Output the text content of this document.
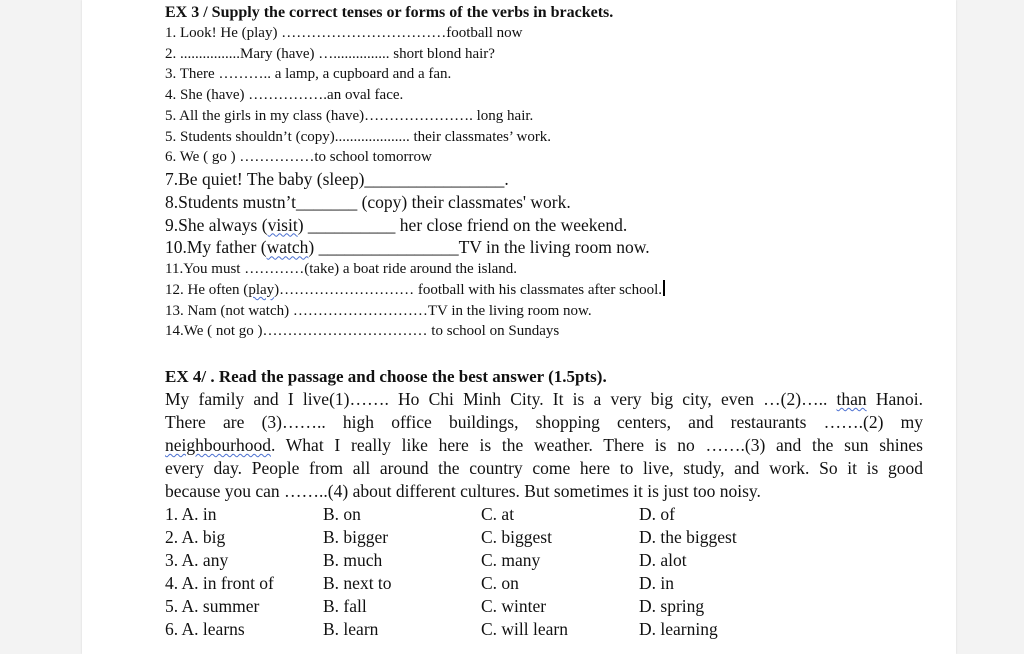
EX 3 / Supply the correct tenses or forms of the verbs in brackets.
1. Look! He (play) ……………………………football now
2. ................Mary (have) …............... short blond hair?
3. There ……….. a lamp, a cupboard and a fan.
4. She (have) …………….an oval face.
5. All the girls in my class (have)…………………. long hair.
5. Students shouldn’t (copy).................... their classmates’ work.
6. We ( go ) ……………to school tomorrow
7.Be quiet! The baby (sleep)________________.
8.Students mustn’t_______ (copy) their classmates' work.
9.She always (visit) __________ her close friend on the weekend.
10.My father (watch) ________________TV in the living room now.
11.You must …………(take) a boat ride around the island.
12. He often (play)……………………… football with his classmates after school.
13. Nam (not watch) ………………………TV in the living room now.
14.We ( not go )…………………………… to school on Sundays
EX 4/ . Read the passage and choose the best answer (1.5pts).
My family and I live(1)……. Ho Chi Minh City. It is a very big city, even …(2)….. than Hanoi.
There are (3)…….. high office buildings, shopping centers, and restaurants …….(2) my
neighbourhood. What I really like here is the weather. There is no …….(3) and the sun shines
every day. People from all around the country come here to live, study, and work. So it is good
because you can ……..(4) about different cultures. But sometimes it is just too noisy.
1. A. in	B. on	C. at	D. of
2. A. big	B. bigger	C. biggest	D. the biggest
3. A. any	B. much	C. many	D. alot
4. A. in front of	B. next to	C. on	D. in
5. A. summer	B. fall	C. winter	D. spring
6. A. learns	B. learn	C. will learn	D. learning
